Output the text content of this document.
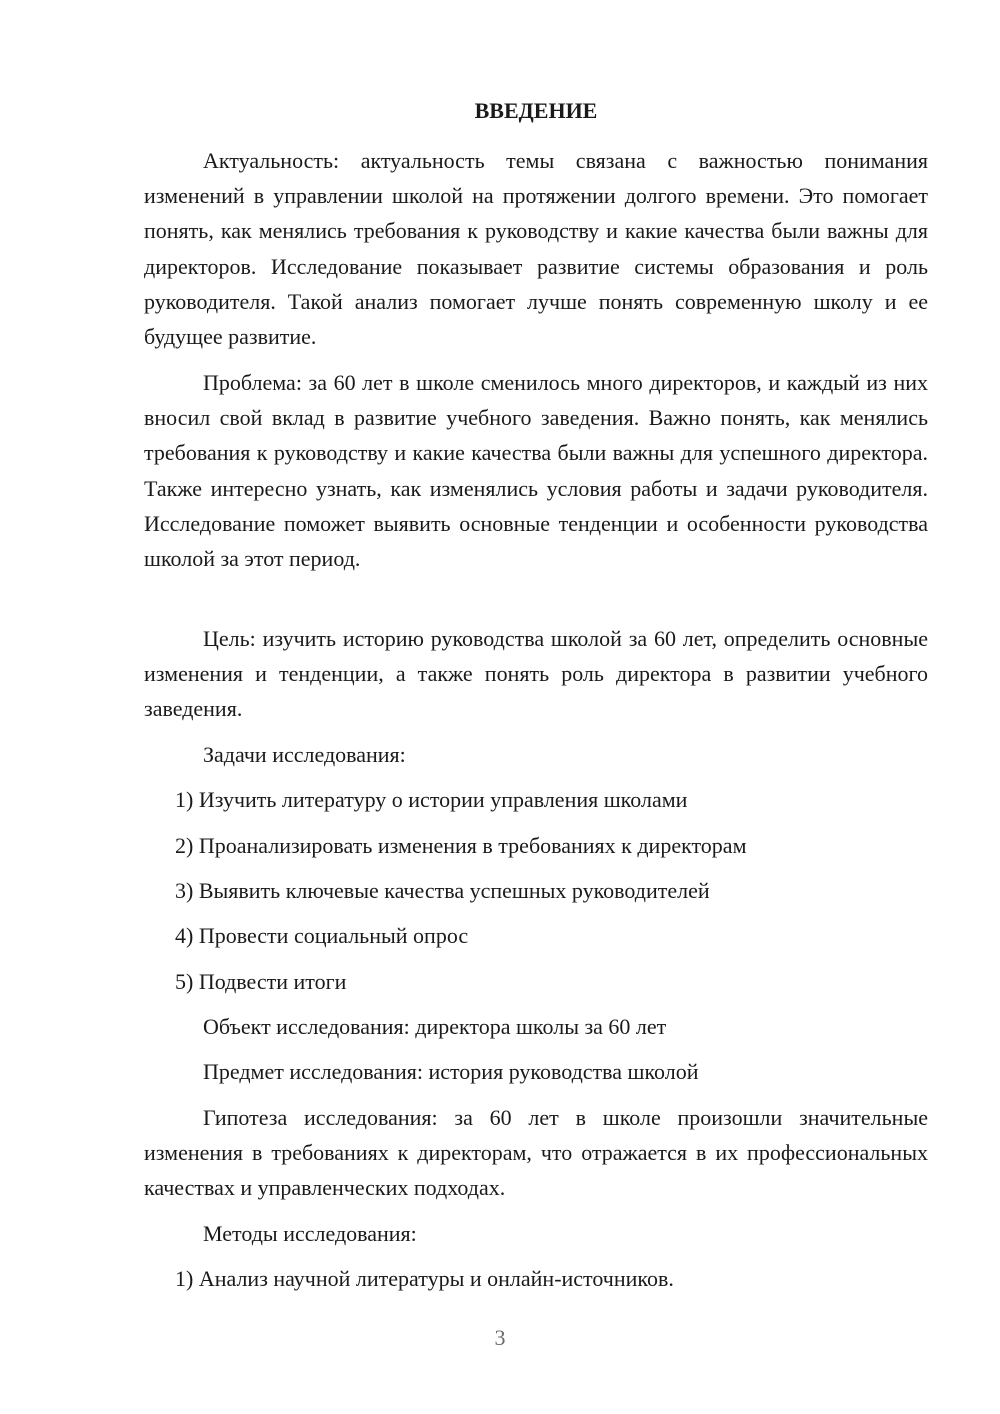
ВВЕДЕНИЕ

Актуальность: актуальность темы связана с важностью понимания изменений в управлении школой на протяжении долгого времени. Это помогает понять, как менялись требования к руководству и какие качества были важны для директоров. Исследование показывает развитие системы образования и роль руководителя. Такой анализ помогает лучше понять современную школу и ее будущее развитие.

Проблема: за 60 лет в школе сменилось много директоров, и каждый из них вносил свой вклад в развитие учебного заведения. Важно понять, как менялись требования к руководству и какие качества были важны для успешного директора. Также интересно узнать, как изменялись условия работы и задачи руководителя. Исследование поможет выявить основные тенденции и особенности руководства школой за этот период.

Цель: изучить историю руководства школой за 60 лет, определить основные изменения и тенденции, а также понять роль директора в развитии учебного заведения.

Задачи исследования:
1) Изучить литературу о истории управления школами
2) Проанализировать изменения в требованиях к директорам
3) Выявить ключевые качества успешных руководителей
4) Провести социальный опрос
5) Подвести итоги
Объект исследования: директора школы за 60 лет
Предмет исследования: история руководства школой

Гипотеза исследования: за 60 лет в школе произошли значительные изменения в требованиях к директорам, что отражается в их профессиональных качествах и управленческих подходах.

Методы исследования:
1) Анализ научной литературы и онлайн-источников.
3
